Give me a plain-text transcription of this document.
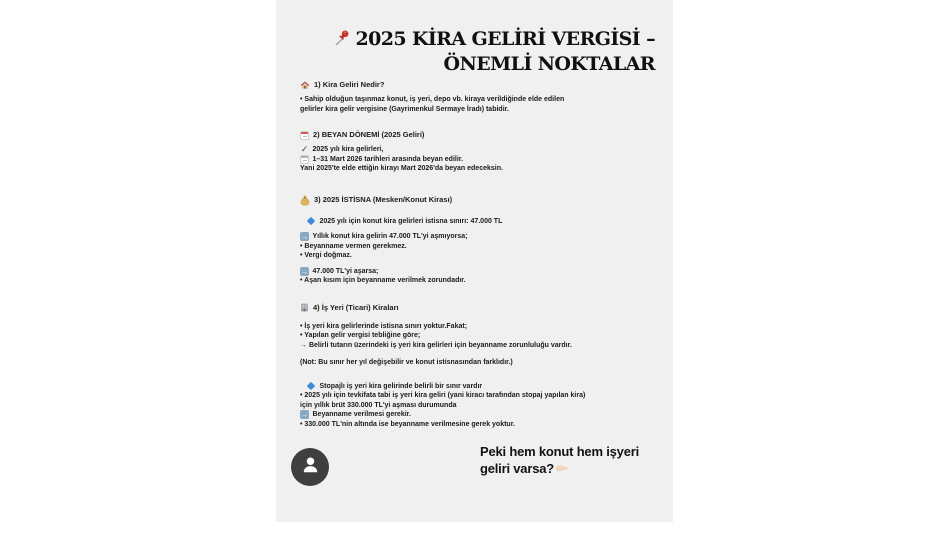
2025 KİRA GELİRİ VERGİSİ –
ÖNEMLİ NOKTALAR
1) Kira Geliri Nedir?
• Sahip olduğun taşınmaz konut, iş yeri, depo vb. kiraya verildiğinde elde edilen gelirler kira gelir vergisine (Gayrimenkul Sermaye İradı) tabidir.
2) BEYAN DÖNEMİ (2025 Geliri)
✓ 2025 yılı kira gelirleri,
1–31 Mart 2026 tarihleri arasında beyan edilir.
Yani 2025'te elde ettiğin kirayı Mart 2026'da beyan edeceksin.
3) 2025 İSTİSNA (Mesken/Konut Kirası)
2025 yılı için konut kira gelirleri istisna sınırı: 47.000 TL
→ Yıllık konut kira gelirin 47.000 TL'yi aşmıyorsa;
• Beyanname vermen gerekmez.
• Vergi doğmaz.
→ 47.000 TL'yi aşarsa;
• Aşan kısım için beyanname verilmek zorundadır.
4) İş Yeri (Ticari) Kiraları
• İş yeri kira gelirlerinde istisna sınırı yoktur.Fakat;
• Yapılan gelir vergisi tebliğine göre;
→ Belirli tutarın üzerindeki iş yeri kira gelirleri için beyanname zorunluluğu vardır.
(Not: Bu sınır her yıl değişebilir ve konut istisnasından farklıdır.)
Stopajlı iş yeri kira gelirinde belirli bir sınır vardır
• 2025 yılı için tevkifata tabi iş yeri kira geliri (yani kiracı tarafından stopaj yapılan kira) için yıllık brüt 330.000 TL'yi aşması durumunda
→ Beyanname verilmesi gerekir.
• 330.000 TL'nin altında ise beyanname verilmesine gerek yoktur.
Peki hem konut hem işyeri
geliri varsa?
